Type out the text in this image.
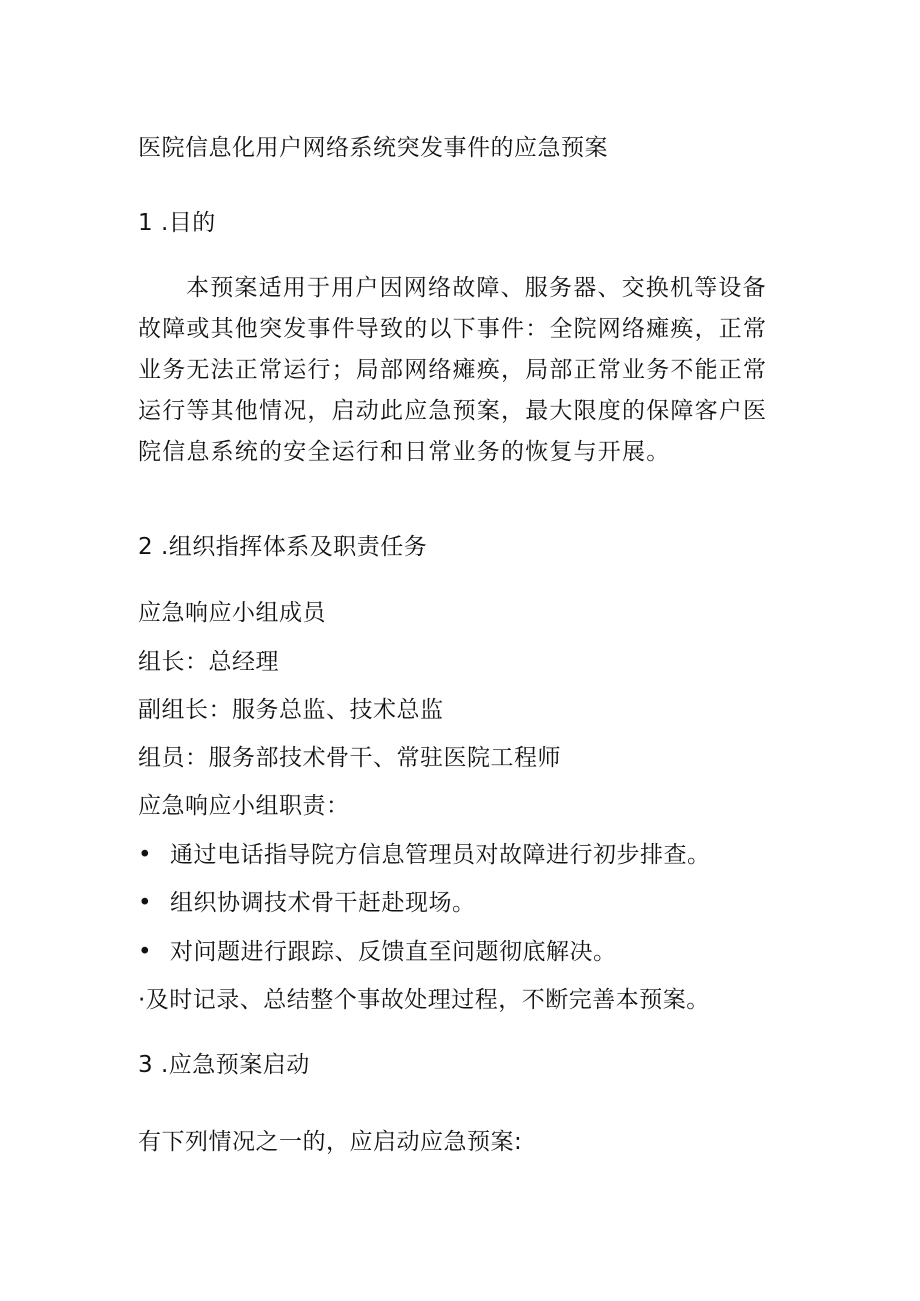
医院信息化用户网络系统突发事件的应急预案
1 .目的
本预案适用于用户因网络故障、服务器、交换机等设备故障或其他突发事件导致的以下事件：全院网络瘫痪，正常业务无法正常运行；局部网络瘫痪，局部正常业务不能正常运行等其他情况，启动此应急预案，最大限度的保障客户医院信息系统的安全运行和日常业务的恢复与开展。
2 .组织指挥体系及职责任务
应急响应小组成员
组长：总经理
副组长：服务总监、技术总监
组员：服务部技术骨干、常驻医院工程师
应急响应小组职责：
• 通过电话指导院方信息管理员对故障进行初步排查。
• 组织协调技术骨干赶赴现场。
• 对问题进行跟踪、反馈直至问题彻底解决。
·及时记录、总结整个事故处理过程，不断完善本预案。
3 .应急预案启动
有下列情况之一的，应启动应急预案:
